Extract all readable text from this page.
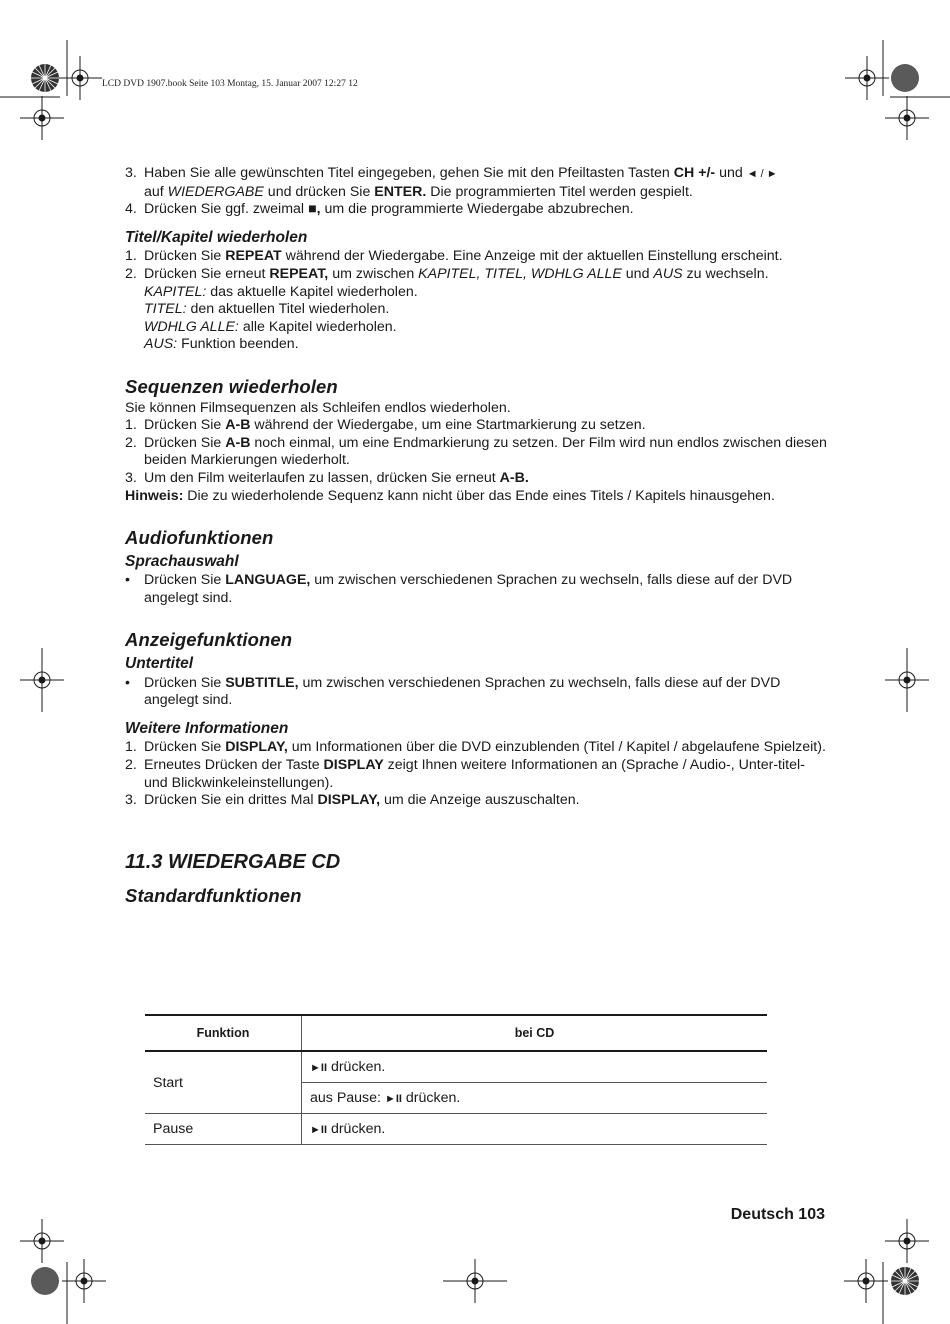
LCD DVD 1907.book Seite 103 Montag, 15. Januar 2007 12:27 12
3. Haben Sie alle gewünschten Titel eingegeben, gehen Sie mit den Pfeiltasten Tasten CH +/- und ◄ / ►
auf WIEDERGABE und drücken Sie ENTER. Die programmierten Titel werden gespielt.
4. Drücken Sie ggf. zweimal ■, um die programmierte Wiedergabe abzubrechen.
Titel/Kapitel wiederholen
1. Drücken Sie REPEAT während der Wiedergabe. Eine Anzeige mit der aktuellen Einstellung erscheint.
2. Drücken Sie erneut REPEAT, um zwischen KAPITEL, TITEL, WDHLG ALLE und AUS zu wechseln.
KAPITEL: das aktuelle Kapitel wiederholen.
TITEL: den aktuellen Titel wiederholen.
WDHLG ALLE: alle Kapitel wiederholen.
AUS: Funktion beenden.
Sequenzen wiederholen
Sie können Filmsequenzen als Schleifen endlos wiederholen.
1. Drücken Sie A-B während der Wiedergabe, um eine Startmarkierung zu setzen.
2. Drücken Sie A-B noch einmal, um eine Endmarkierung zu setzen. Der Film wird nun endlos zwischen diesen beiden Markierungen wiederholt.
3. Um den Film weiterlaufen zu lassen, drücken Sie erneut A-B.
Hinweis: Die zu wiederholende Sequenz kann nicht über das Ende eines Titels / Kapitels hinausgehen.
Audiofunktionen
Sprachauswahl
• Drücken Sie LANGUAGE, um zwischen verschiedenen Sprachen zu wechseln, falls diese auf der DVD angelegt sind.
Anzeigefunktionen
Untertitel
• Drücken Sie SUBTITLE, um zwischen verschiedenen Sprachen zu wechseln, falls diese auf der DVD angelegt sind.
Weitere Informationen
1. Drücken Sie DISPLAY, um Informationen über die DVD einzublenden (Titel / Kapitel / abgelaufene Spielzeit).
2. Erneutes Drücken der Taste DISPLAY zeigt Ihnen weitere Informationen an (Sprache / Audio-, Unter-titel- und Blickwinkeleinstellungen).
3. Drücken Sie ein drittes Mal DISPLAY, um die Anzeige auszuschalten.
11.3 WIEDERGABE CD
Standardfunktionen
Funktion	bei CD
Start	►II drücken.
	aus Pause: ►II drücken.
Pause	►II drücken.
Deutsch 103
